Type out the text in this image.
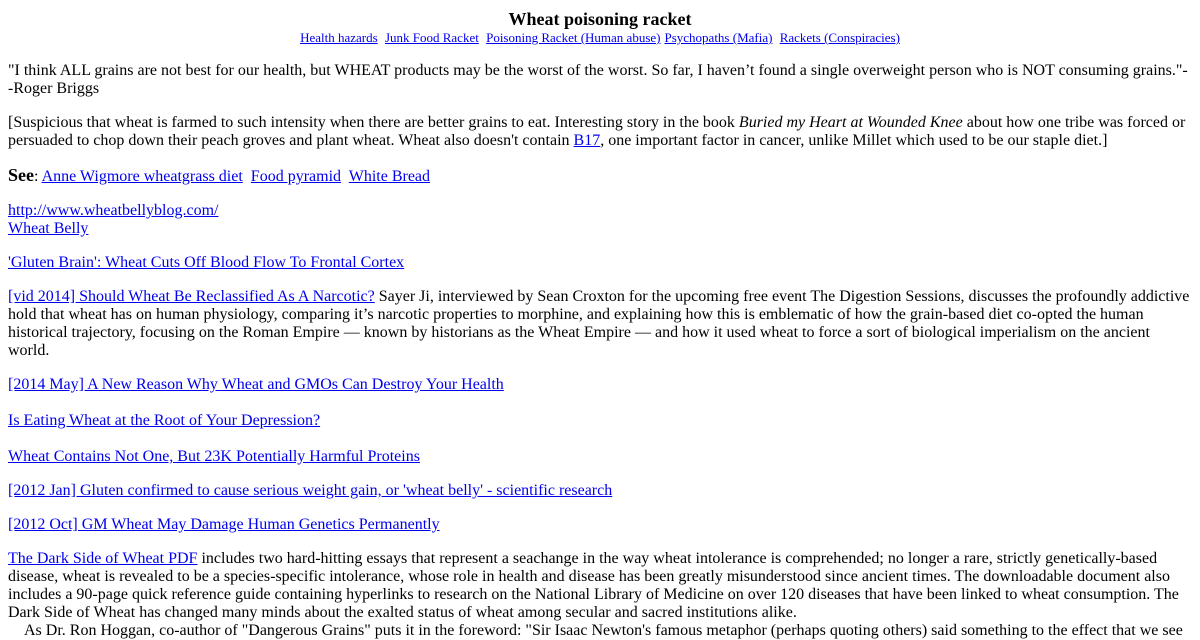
Wheat poisoning racket
Health hazards Junk Food Racket Poisoning Racket (Human abuse) Psychopaths (Mafia) Rackets (Conspiracies)

"I think ALL grains are not best for our health, but WHEAT products may be the worst of the worst. So far, I haven’t found a single overweight person who is NOT consuming grains."--Roger Briggs

[Suspicious that wheat is farmed to such intensity when there are better grains to eat. Interesting story in the book Buried my Heart at Wounded Knee about how one tribe was forced or persuaded to chop down their peach groves and plant wheat. Wheat also doesn't contain B17, one important factor in cancer, unlike Millet which used to be our staple diet.]

See: Anne Wigmore wheatgrass diet Food pyramid White Bread

http://www.wheatbellyblog.com/
Wheat Belly

'Gluten Brain': Wheat Cuts Off Blood Flow To Frontal Cortex

[vid 2014] Should Wheat Be Reclassified As A Narcotic? Sayer Ji, interviewed by Sean Croxton for the upcoming free event The Digestion Sessions, discusses the profoundly addictive hold that wheat has on human physiology, comparing it’s narcotic properties to morphine, and explaining how this is emblematic of how the grain-based diet co-opted the human historical trajectory, focusing on the Roman Empire — known by historians as the Wheat Empire — and how it used wheat to force a sort of biological imperialism on the ancient world.

[2014 May] A New Reason Why Wheat and GMOs Can Destroy Your Health

Is Eating Wheat at the Root of Your Depression?

Wheat Contains Not One, But 23K Potentially Harmful Proteins

[2012 Jan] Gluten confirmed to cause serious weight gain, or 'wheat belly' - scientific research

[2012 Oct] GM Wheat May Damage Human Genetics Permanently

The Dark Side of Wheat PDF includes two hard-hitting essays that represent a seachange in the way wheat intolerance is comprehended; no longer a rare, strictly genetically-based disease, wheat is revealed to be a species-specific intolerance, whose role in health and disease has been greatly misunderstood since ancient times. The downloadable document also includes a 90-page quick reference guide containing hyperlinks to research on the National Library of Medicine on over 120 diseases that have been linked to wheat consumption. The Dark Side of Wheat has changed many minds about the exalted status of wheat among secular and sacred institutions alike.

As Dr. Ron Hoggan, co-author of "Dangerous Grains" puts it in the foreword: "Sir Isaac Newton's famous metaphor (perhaps quoting others) said something to the effect that we see
